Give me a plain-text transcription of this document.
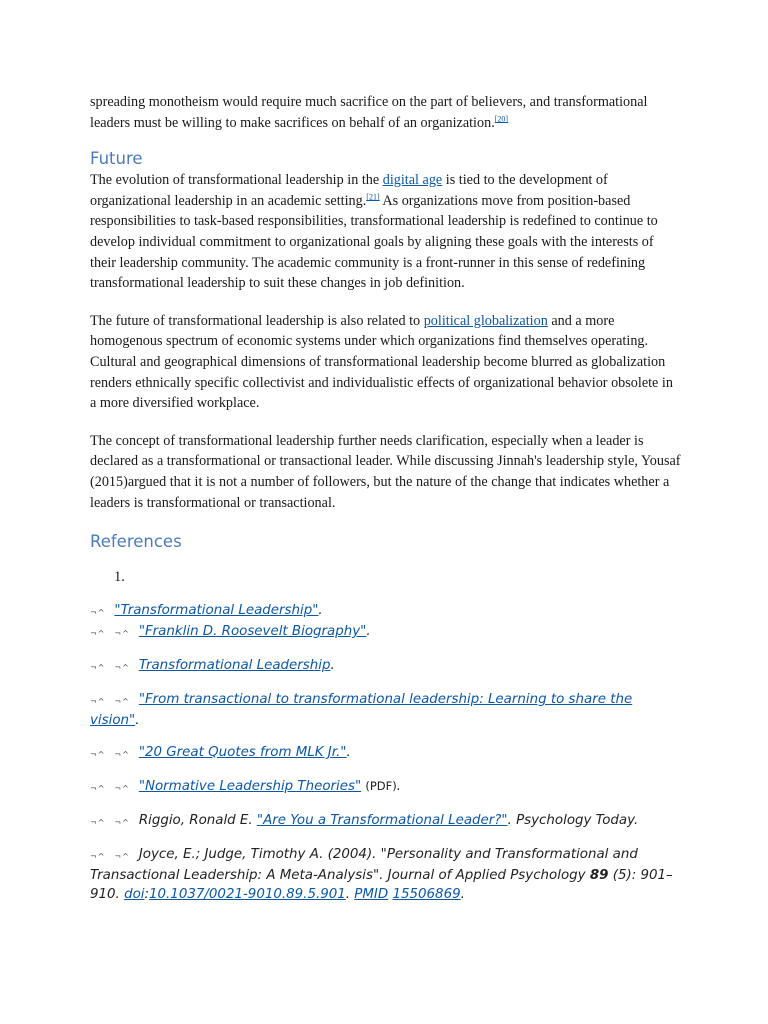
spreading monotheism would require much sacrifice on the part of believers, and transformational leaders must be willing to make sacrifices on behalf of an organization.[20]

Future

The evolution of transformational leadership in the digital age is tied to the development of organizational leadership in an academic setting.[21] As organizations move from position-based responsibilities to task-based responsibilities, transformational leadership is redefined to continue to develop individual commitment to organizational goals by aligning these goals with the interests of their leadership community. The academic community is a front-runner in this sense of redefining transformational leadership to suit these changes in job definition.

The future of transformational leadership is also related to political globalization and a more homogenous spectrum of economic systems under which organizations find themselves operating. Cultural and geographical dimensions of transformational leadership become blurred as globalization renders ethnically specific collectivist and individualistic effects of organizational behavior obsolete in a more diversified workplace.

The concept of transformational leadership further needs clarification, especially when a leader is declared as a transformational or transactional leader. While discussing Jinnah's leadership style, Yousaf (2015)argued that it is not a number of followers, but the nature of the change that indicates whether a leaders is transformational or transactional.

References
1.
¬^ "Transformational Leadership".
¬^ ¬^ "Franklin D. Roosevelt Biography".
¬^ ¬^ Transformational Leadership.
¬^ ¬^ "From transactional to transformational leadership: Learning to share the vision".
¬^ ¬^ "20 Great Quotes from MLK Jr.".
¬^ ¬^ "Normative Leadership Theories" (PDF).
¬^ ¬^ Riggio, Ronald E. "Are You a Transformational Leader?". Psychology Today.
¬^ ¬^ Joyce, E.; Judge, Timothy A. (2004). "Personality and Transformational and Transactional Leadership: A Meta-Analysis". Journal of Applied Psychology 89 (5): 901–910. doi:10.1037/0021-9010.89.5.901. PMID 15506869.
